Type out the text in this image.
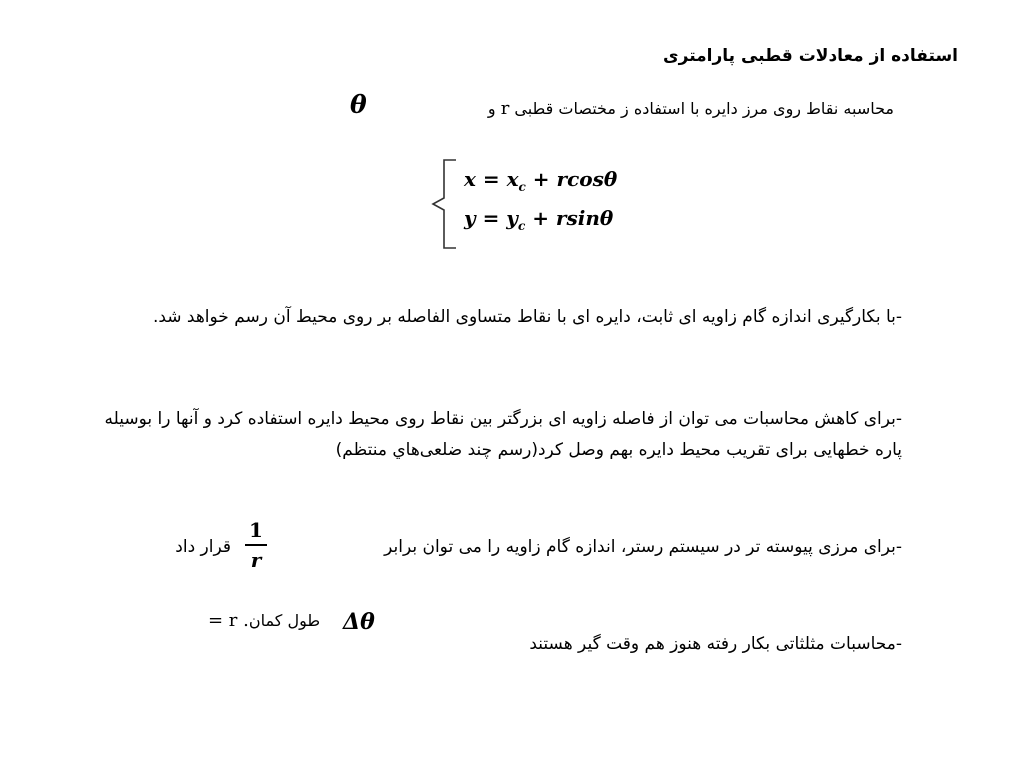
استفاده از معادلات قطبی پارامتری
محاسبه نقاط روی مرز دایره با استفاده ز مختصات قطبی r و
θ
$x = x_c + rcos\theta$
$y = y_c + rsin\theta$
-با بکارگیری اندازه گام زاویه ای ثابت، دایره ای با نقاط متساوی الفاصله بر روی محیط آن رسم خواهد شد.
-برای کاهش محاسبات می توان از فاصله زاویه ای بزرگتر بین نقاط روی محیط دایره استفاده کرد و آنها را بوسیله پاره خطهایی برای تقریب محیط دایره بهم وصل کرد(رسم چند ضلعی‌هاي منتظم)
-برای مرزی پیوسته تر در سیستم رستر، اندازه گام زاویه را می توان برابر
1
r
قرار داد
طول کمان= r .	Δθ
-محاسبات مثلثاتی بکار رفته هنوز هم وقت گیر هستند
